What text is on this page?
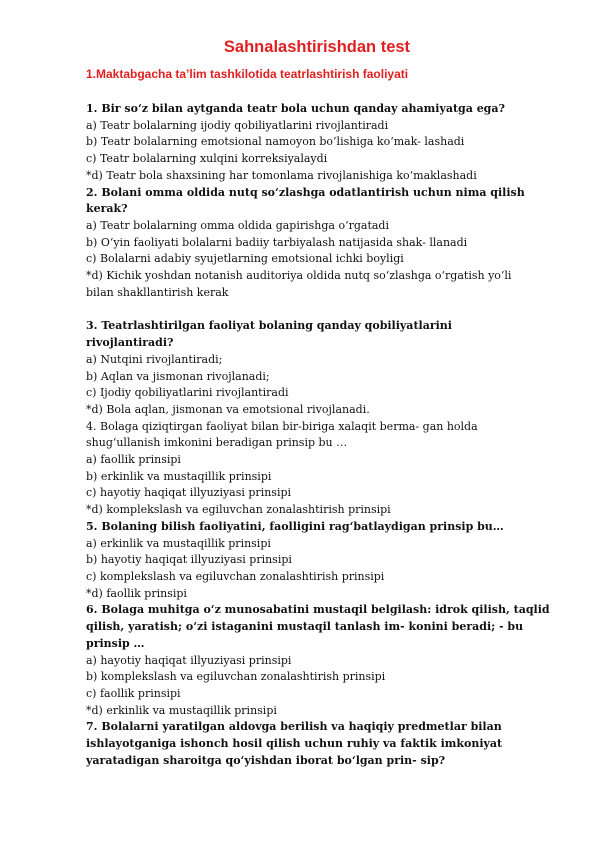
Sahnalashtirishdan test
1.Maktabgacha ta’lim tashkilotida teatrlashtirish faoliyati
1. Bir so‘z bilan aytganda teatr bola uchun qanday ahamiyatga ega?
a) Teatr bolalarning ijodiy qobiliyatlarini rivojlantiradi
b) Teatr bolalarning emotsional namoyon bo‘lishiga ko‘mak- lashadi
c) Teatr bolalarning xulqini korreksiyalaydi
*d) Teatr bola shaxsining har tomonlama rivojlanishiga ko‘maklashadi
2. Bolani omma oldida nutq so‘zlashga odatlantirish uchun nima qilish
kerak?
a) Teatr bolalarning omma oldida gapirishga o‘rgatadi
b) O‘yin faoliyati bolalarni badiiy tarbiyalash natijasida shak- llanadi
c) Bolalarni adabiy syujetlarning emotsional ichki boyligi
*d) Kichik yoshdan notanish auditoriya oldida nutq so‘zlashga o‘rgatish yo‘li
bilan shakllantirish kerak
3. Teatrlashtirilgan faoliyat bolaning qanday qobiliyatlarini
rivojlantiradi?
a) Nutqini rivojlantiradi;
b) Aqlan va jismonan rivojlanadi;
c) Ijodiy qobiliyatlarini rivojlantiradi
*d) Bola aqlan, jismonan va emotsional rivojlanadi.
4. Bolaga qiziqtirgan faoliyat bilan bir-biriga xalaqit berma- gan holda
shug‘ullanish imkonini beradigan prinsip bu …
a) faollik prinsipi
b) erkinlik va mustaqillik prinsipi
c) hayotiy haqiqat illyuziyasi prinsipi
*d) komplekslash va egiluvchan zonalashtirish prinsipi
5. Bolaning bilish faoliyatini, faolligini rag‘batlaydigan prinsip bu…
a) erkinlik va mustaqillik prinsipi
b) hayotiy haqiqat illyuziyasi prinsipi
c) komplekslash va egiluvchan zonalashtirish prinsipi
*d) faollik prinsipi
6. Bolaga muhitga o‘z munosabatini mustaqil belgilash: idrok qilish, taqlid
qilish, yaratish; o‘zi istaganini mustaqil tanlash im- konini beradi; - bu
prinsip …
a) hayotiy haqiqat illyuziyasi prinsipi
b) komplekslash va egiluvchan zonalashtirish prinsipi
c) faollik prinsipi
*d) erkinlik va mustaqillik prinsipi
7. Bolalarni yaratilgan aldovga berilish va haqiqiy predmetlar bilan
ishlayotganiga ishonch hosil qilish uchun ruhiy va faktik imkoniyat
yaratadigan sharoitga qo‘yishdan iborat bo‘lgan prin- sip?
